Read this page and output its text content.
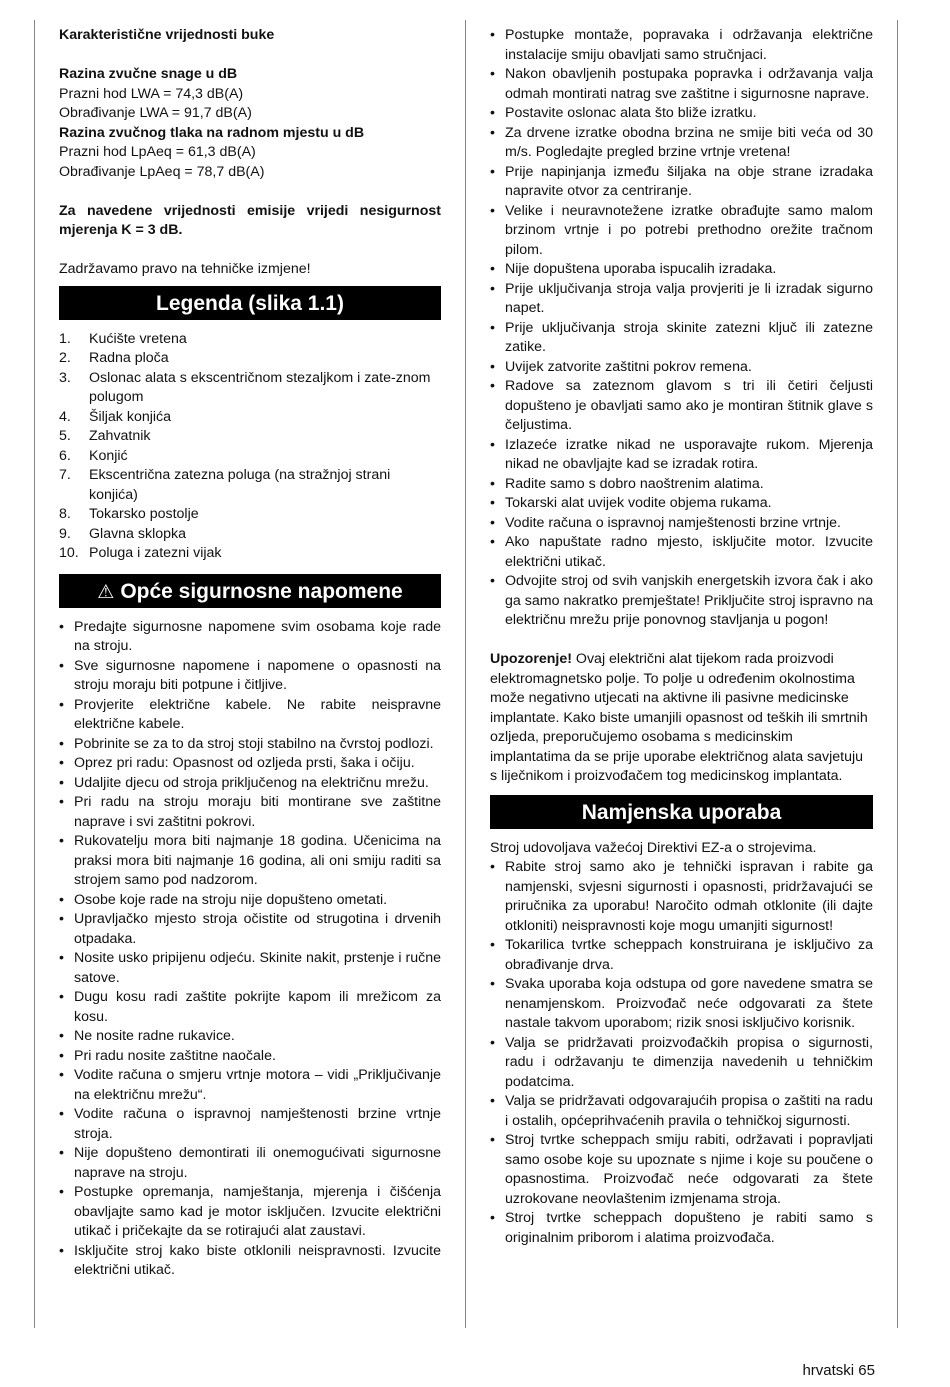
Karakteristične vrijednosti buke

Razina zvučne snage u dB

Prazni hod LWA = 74,3 dB(A)

Obrađivanje LWA = 91,7 dB(A)

Razina zvučnog tlaka na radnom mjestu u dB

Prazni hod LpAeq = 61,3 dB(A)

Obrađivanje LpAeq = 78,7 dB(A)

Za navedene vrijednosti emisije vrijedi nesigurnost mjerenja K = 3 dB.

Zadržavamo pravo na tehničke izmjene!

Legenda (slika 1.1)
1. Kućište vretena
2. Radna ploča
3. Oslonac alata s ekscentričnom stezaljkom i zate-znom polugom
4. Šiljak konjića
5. Zahvatnik
6. Konjić
7. Ekscentrična zatezna poluga (na stražnjoj strani konjića)
8. Tokarsko postolje
9. Glavna sklopka
10. Poluga i zatezni vijak
⚠ Opće sigurnosne napomene
• Predajte sigurnosne napomene svim osobama koje rade na stroju.
• Sve sigurnosne napomene i napomene o opasnosti na stroju moraju biti potpune i čitljive.
• Provjerite električne kabele. Ne rabite neispravne električne kabele.
• Pobrinite se za to da stroj stoji stabilno na čvrstoj podlozi.
• Oprez pri radu: Opasnost od ozljeda prsti, šaka i očiju.
• Udaljite djecu od stroja priključenog na električnu mrežu.
• Pri radu na stroju moraju biti montirane sve zaštitne naprave i svi zaštitni pokrovi.
• Rukovatelju mora biti najmanje 18 godina. Učenicima na praksi mora biti najmanje 16 godina, ali oni smiju raditi sa strojem samo pod nadzorom.
• Osobe koje rade na stroju nije dopušteno ometati.
• Upravljačko mjesto stroja očistite od strugotina i drvenih otpadaka.
• Nosite usko pripijenu odjeću. Skinite nakit, prstenje i ručne satove.
• Dugu kosu radi zaštite pokrijte kapom ili mrežicom za kosu.
• Ne nosite radne rukavice.
• Pri radu nosite zaštitne naočale.
• Vodite računa o smjeru vrtnje motora – vidi „Priključivanje na električnu mrežu“.
• Vodite računa o ispravnoj namještenosti brzine vrtnje stroja.
• Nije dopušteno demontirati ili onemogućivati sigurnosne naprave na stroju.
• Postupke opremanja, namještanja, mjerenja i čišćenja obavljajte samo kad je motor isključen. Izvucite električni utikač i pričekajte da se rotirajući alat zaustavi.
• Isključite stroj kako biste otklonili neispravnosti. Izvucite električni utikač.
• Postupke montaže, popravaka i održavanja električne instalacije smiju obavljati samo stručnjaci.
• Nakon obavljenih postupaka popravka i održavanja valja odmah montirati natrag sve zaštitne i sigurnosne naprave.
• Postavite oslonac alata što bliže izratku.
• Za drvene izratke obodna brzina ne smije biti veća od 30 m/s. Pogledajte pregled brzine vrtnje vretena!
• Prije napinjanja između šiljaka na obje strane izradaka napravite otvor za centriranje.
• Velike i neuravnotežene izratke obrađujte samo malom brzinom vrtnje i po potrebi prethodno orežite tračnom pilom.
• Nije dopuštena uporaba ispucalih izradaka.
• Prije uključivanja stroja valja provjeriti je li izradak sigurno napet.
• Prije uključivanja stroja skinite zatezni ključ ili zatezne zatike.
• Uvijek zatvorite zaštitni pokrov remena.
• Radove sa zateznom glavom s tri ili četiri čeljusti dopušteno je obavljati samo ako je montiran štitnik glave s čeljustima.
• Izlazeće izratke nikad ne usporavajte rukom. Mjerenja nikad ne obavljajte kad se izradak rotira.
• Radite samo s dobro naoštrenim alatima.
• Tokarski alat uvijek vodite objema rukama.
• Vodite računa o ispravnoj namještenosti brzine vrtnje.
• Ako napuštate radno mjesto, isključite motor. Izvucite električni utikač.
• Odvojite stroj od svih vanjskih energetskih izvora čak i ako ga samo nakratko premještate! Priključite stroj ispravno na električnu mrežu prije ponovnog stavljanja u pogon!

Upozorenje! Ovaj električni alat tijekom rada proizvodi elektromagnetsko polje. To polje u određenim okolnostima može negativno utjecati na aktivne ili pasivne medicinske implantate. Kako biste umanjili opasnost od teških ili smrtnih ozljeda, preporučujemo osobama s medicinskim implantatima da se prije uporabe električnog alata savjetuju s liječnikom i proizvođačem tog medicinskog implantata.

Namjenska uporaba

Stroj udovoljava važećoj Direktivi EZ-a o strojevima.

• Rabite stroj samo ako je tehnički ispravan i rabite ga namjenski, svjesni sigurnosti i opasnosti, pridržavajući se priručnika za uporabu! Naročito odmah otklonite (ili dajte otkloniti) neispravnosti koje mogu umanjiti sigurnost!
• Tokarilica tvrtke scheppach konstruirana je isključivo za obrađivanje drva.
• Svaka uporaba koja odstupa od gore navedene smatra se nenamjenskom. Proizvođač neće odgovarati za štete nastale takvom uporabom; rizik snosi isključivo korisnik.
• Valja se pridržavati proizvođačkih propisa o sigurnosti, radu i održavanju te dimenzija navedenih u tehničkim podatcima.
• Valja se pridržavati odgovarajućih propisa o zaštiti na radu i ostalih, općeprihvaćenih pravila o tehničkoj sigurnosti.
• Stroj tvrtke scheppach smiju rabiti, održavati i popravljati samo osobe koje su upoznate s njime i koje su poučene o opasnostima. Proizvođač neće odgovarati za štete uzrokovane neovlaštenim izmjenama stroja.
• Stroj tvrtke scheppach dopušteno je rabiti samo s originalnim priborom i alatima proizvođača.
hrvatski 65
